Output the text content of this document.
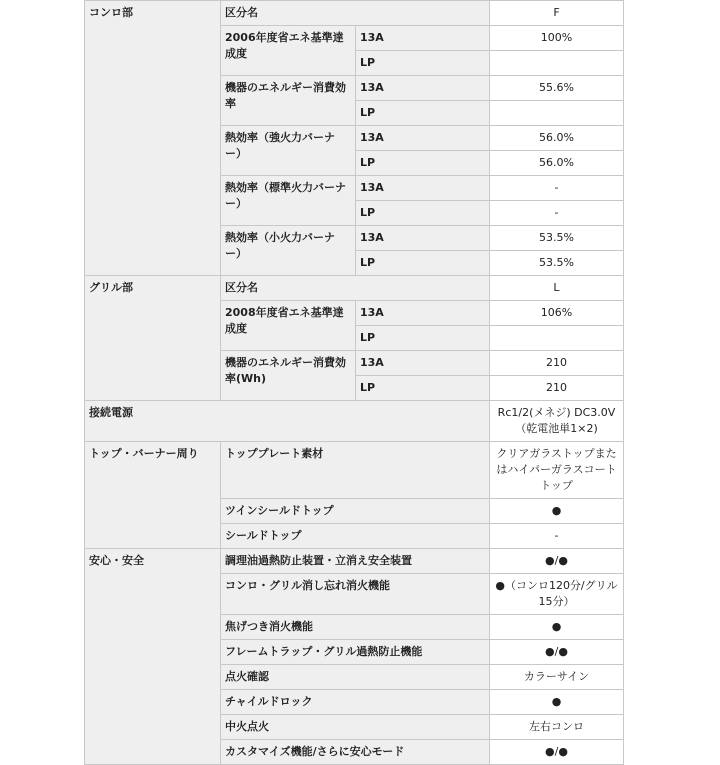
コンロ部	区分名		F
	2006年度省エネ基準達成度	13A	100%
		LP	
	機器のエネルギー消費効率	13A	55.6%
		LP	
	熱効率（強火力バーナー）	13A	56.0%
		LP	56.0%
	熱効率（標準火力バーナー）	13A	-
		LP	-
	熱効率（小火力バーナー）	13A	53.5%
		LP	53.5%
グリル部	区分名		L
	2008年度省エネ基準達成度	13A	106%
		LP	
	機器のエネルギー消費効率(Wh)	13A	210
		LP	210
接続電源			Rc1/2(メネジ) DC3.0V（乾電池単1×2)
トップ・バーナー周り	トッププレート素材		クリアガラストップまたはハイパーガラスコートトップ
	ツインシールドトップ		●
	シールドトップ		-
安心・安全	調理油過熱防止装置・立消え安全装置		●/●
	コンロ・グリル消し忘れ消火機能		●（コンロ120分/グリル15分）
	焦げつき消火機能		●
	フレームトラップ・グリル過熱防止機能		●/●
	点火確認		カラーサイン
	チャイルドロック		●
	中火点火		左右コンロ
	カスタマイズ機能/さらに安心モード		●/●
